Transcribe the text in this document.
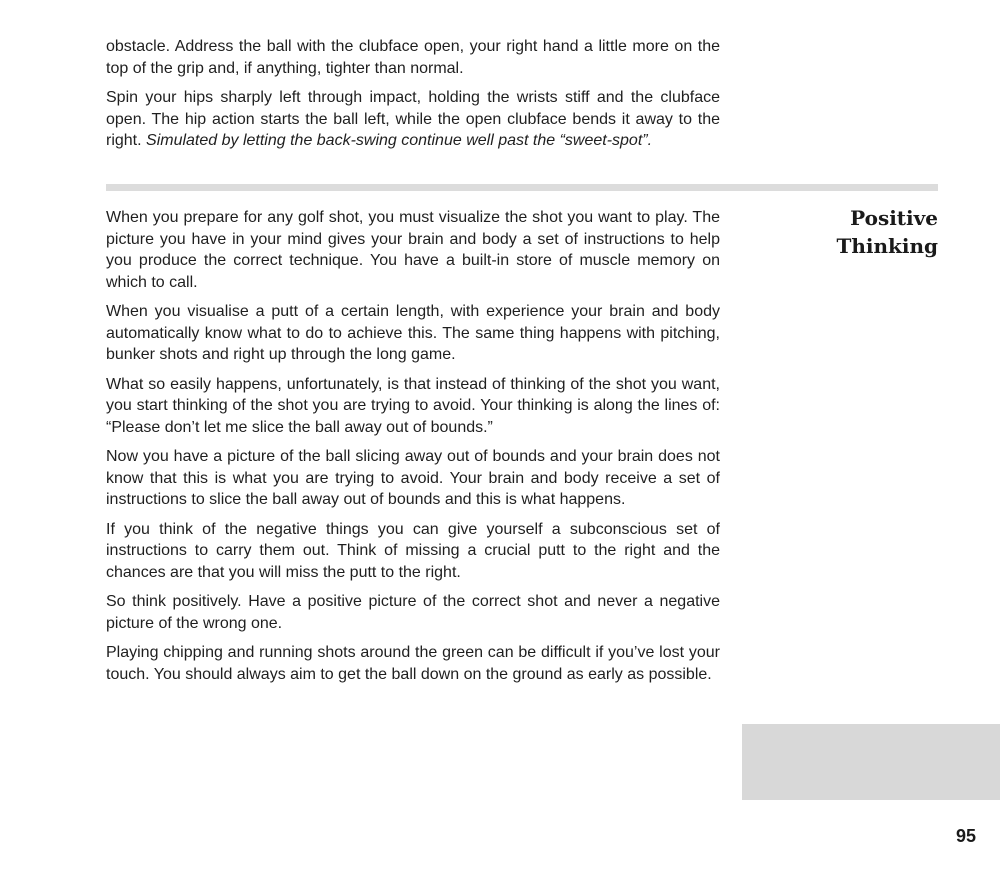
obstacle. Address the ball with the clubface open, your right hand a little more on the top of the grip and, if anything, tighter than normal.

Spin your hips sharply left through impact, holding the wrists stiff and the clubface open. The hip action starts the ball left, while the open clubface bends it away to the right. Simulated by letting the back-swing continue well past the “sweet-spot”.

Positive
Thinking

When you prepare for any golf shot, you must visualize the shot you want to play. The picture you have in your mind gives your brain and body a set of instructions to help you produce the correct technique. You have a built-in store of muscle memory on which to call.

When you visualise a putt of a certain length, with experience your brain and body automatically know what to do to achieve this. The same thing happens with pitching, bunker shots and right up through the long game.

What so easily happens, unfortunately, is that instead of thinking of the shot you want, you start thinking of the shot you are trying to avoid. Your thinking is along the lines of: “Please don’t let me slice the ball away out of bounds.”

Now you have a picture of the ball slicing away out of bounds and your brain does not know that this is what you are trying to avoid. Your brain and body receive a set of instructions to slice the ball away out of bounds and this is what happens.

If you think of the negative things you can give yourself a subconscious set of instructions to carry them out. Think of missing a crucial putt to the right and the chances are that you will miss the putt to the right.

So think positively. Have a positive picture of the correct shot and never a negative picture of the wrong one.

Playing chipping and running shots around the green can be difficult if you’ve lost your touch. You should always aim to get the ball down on the ground as early as possible.

95
